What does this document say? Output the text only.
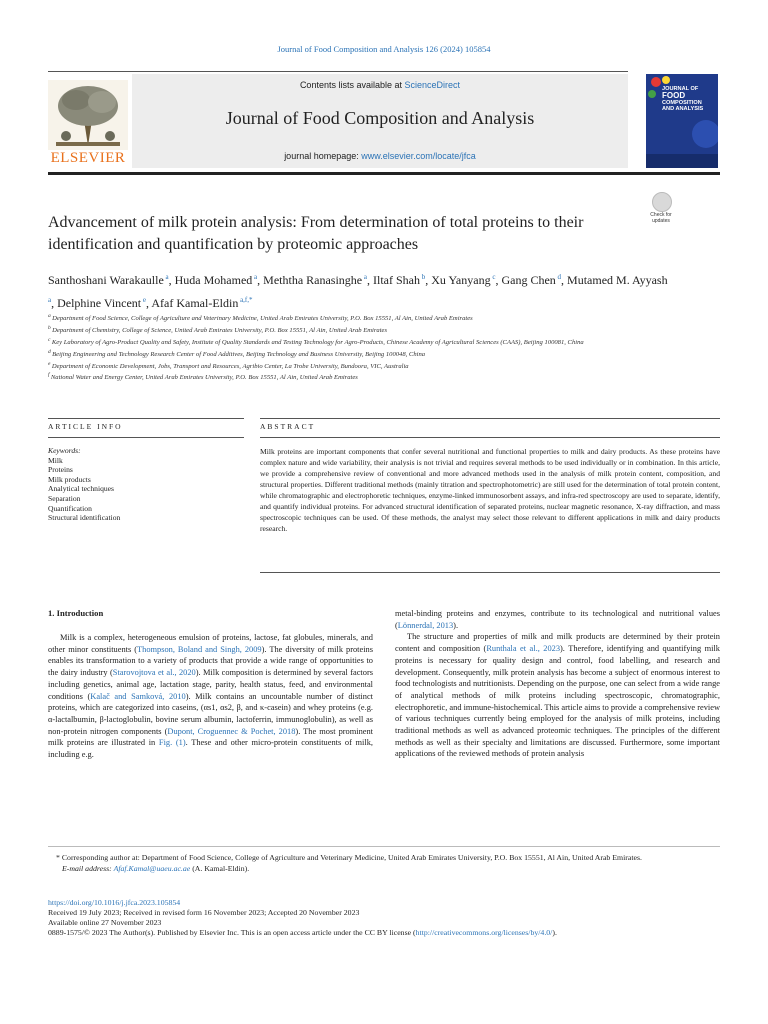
Journal of Food Composition and Analysis 126 (2024) 105854
ELSEVIER
Contents lists available at ScienceDirect
Journal of Food Composition and Analysis
journal homepage: www.elsevier.com/locate/jfca
JOURNAL OF
FOOD
COMPOSITION
AND ANALYSIS
Check for
updates
Advancement of milk protein analysis: From determination of total proteins to their identification and quantification by proteomic approaches
Santhoshani Warakaulle $^a$, Huda Mohamed $^a$, Meththa Ranasinghe $^a$, Iltaf Shah $^b$, Xu Yanyang $^c$, Gang Chen $^d$, Mutamed M. Ayyash $^a$, Delphine Vincent $^e$, Afaf Kamal-Eldin $^{a,f,*}$
$^a$ Department of Food Science, College of Agriculture and Veterinary Medicine, United Arab Emirates University, P.O. Box 15551, Al Ain, United Arab Emirates
$^b$ Department of Chemistry, College of Science, United Arab Emirates University, P.O. Box 15551, Al Ain, United Arab Emirates
$^c$ Key Laboratory of Agro-Product Quality and Safety, Institute of Quality Standards and Testing Technology for Agro-Products, Chinese Academy of Agricultural Sciences (CAAS), Beijing 100081, China
$^d$ Beijing Engineering and Technology Research Center of Food Additives, Beijing Technology and Business University, Beijing 100048, China
$^e$ Department of Economic Development, Jobs, Transport and Resources, Agribio Center, La Trobe University, Bundoora, VIC, Australia
$^f$ National Water and Energy Center, United Arab Emirates University, P.O. Box 15551, Al Ain, United Arab Emirates
ARTICLE INFO	ABSTRACT
Keywords:
Milk
Proteins
Milk products
Analytical techniques
Separation
Quantification
Structural identification
Milk proteins are important components that confer several nutritional and functional properties to milk and dairy products. As these proteins have complex nature and wide variability, their analysis is not trivial and requires several methods to be used individually or in combination. In this article, we provide a comprehensive review of conventional and more advanced methods used in the analysis of milk protein content, composition, and structural properties. Different traditional methods (mainly titration and spectrophotometric) are still used for the determination of total protein content, while chromatographic and electrophoretic techniques, enzyme-linked immunosorbent assays, and infra-red spectroscopy are used to separate, identify, and quantify individual proteins. For advanced structural identification of separated proteins, nuclear magnetic resonance, X-ray diffraction, and mass spectroscopic techniques can be used. Of these methods, the analyst may select those relevant to different applications in milk and dairy products research.
1. Introduction

Milk is a complex, heterogeneous emulsion of proteins, lactose, fat globules, minerals, and other minor constituents (Thompson, Boland and Singh, 2009). The diversity of milk proteins enables its transformation to a variety of products that provide a wide range of opportunities to the dairy industry (Starovojtova et al., 2020). Milk composition is determined by several factors including genetics, animal age, lactation stage, parity, health status, feed, and environmental conditions (Kalač and Samková, 2010). Milk contains an uncountable number of distinct proteins, which are categorized into caseins, (αs1, αs2, β, and κ-casein) and whey proteins (e.g. α-lactalbumin, β-lactoglobulin, bovine serum albumin, lactoferrin, immunoglobulin), as well as non-protein nitrogen components (Dupont, Croguennec & Pochet, 2018). The most prominent milk proteins are illustrated in Fig. (1). These and other micro-protein constituents of milk, including e.g.

metal-binding proteins and enzymes, contribute to its technological and nutritional values (Lönnerdal, 2013).

The structure and properties of milk and milk products are determined by their protein content and composition (Runthala et al., 2023). Therefore, identifying and quantifying milk proteins is necessary for quality design and control, food labelling, and research and development. Consequently, milk protein analysis has become a subject of enormous interest to food technologists and nutritionists. Depending on the purpose, one can select from a wide range of analytical methods of milk proteins including spectroscopic, chromatographic, electrophoretic, and immune-histochemical. This article aims to provide a comprehensive review of various techniques currently being employed for the analysis of milk proteins, including traditional methods as well as advanced proteomic techniques. The principles of the different methods as well as their specialty and limitations are discussed. Furthermore, some important applications of the reviewed methods of protein analysis

* Corresponding author at: Department of Food Science, College of Agriculture and Veterinary Medicine, United Arab Emirates University, P.O. Box 15551, Al Ain, United Arab Emirates.
E-mail address: Afaf.Kamal@uaeu.ac.ae (A. Kamal-Eldin).
https://doi.org/10.1016/j.jfca.2023.105854
Received 19 July 2023; Received in revised form 16 November 2023; Accepted 20 November 2023
Available online 27 November 2023
0889-1575/© 2023 The Author(s). Published by Elsevier Inc. This is an open access article under the CC BY license (http://creativecommons.org/licenses/by/4.0/).
